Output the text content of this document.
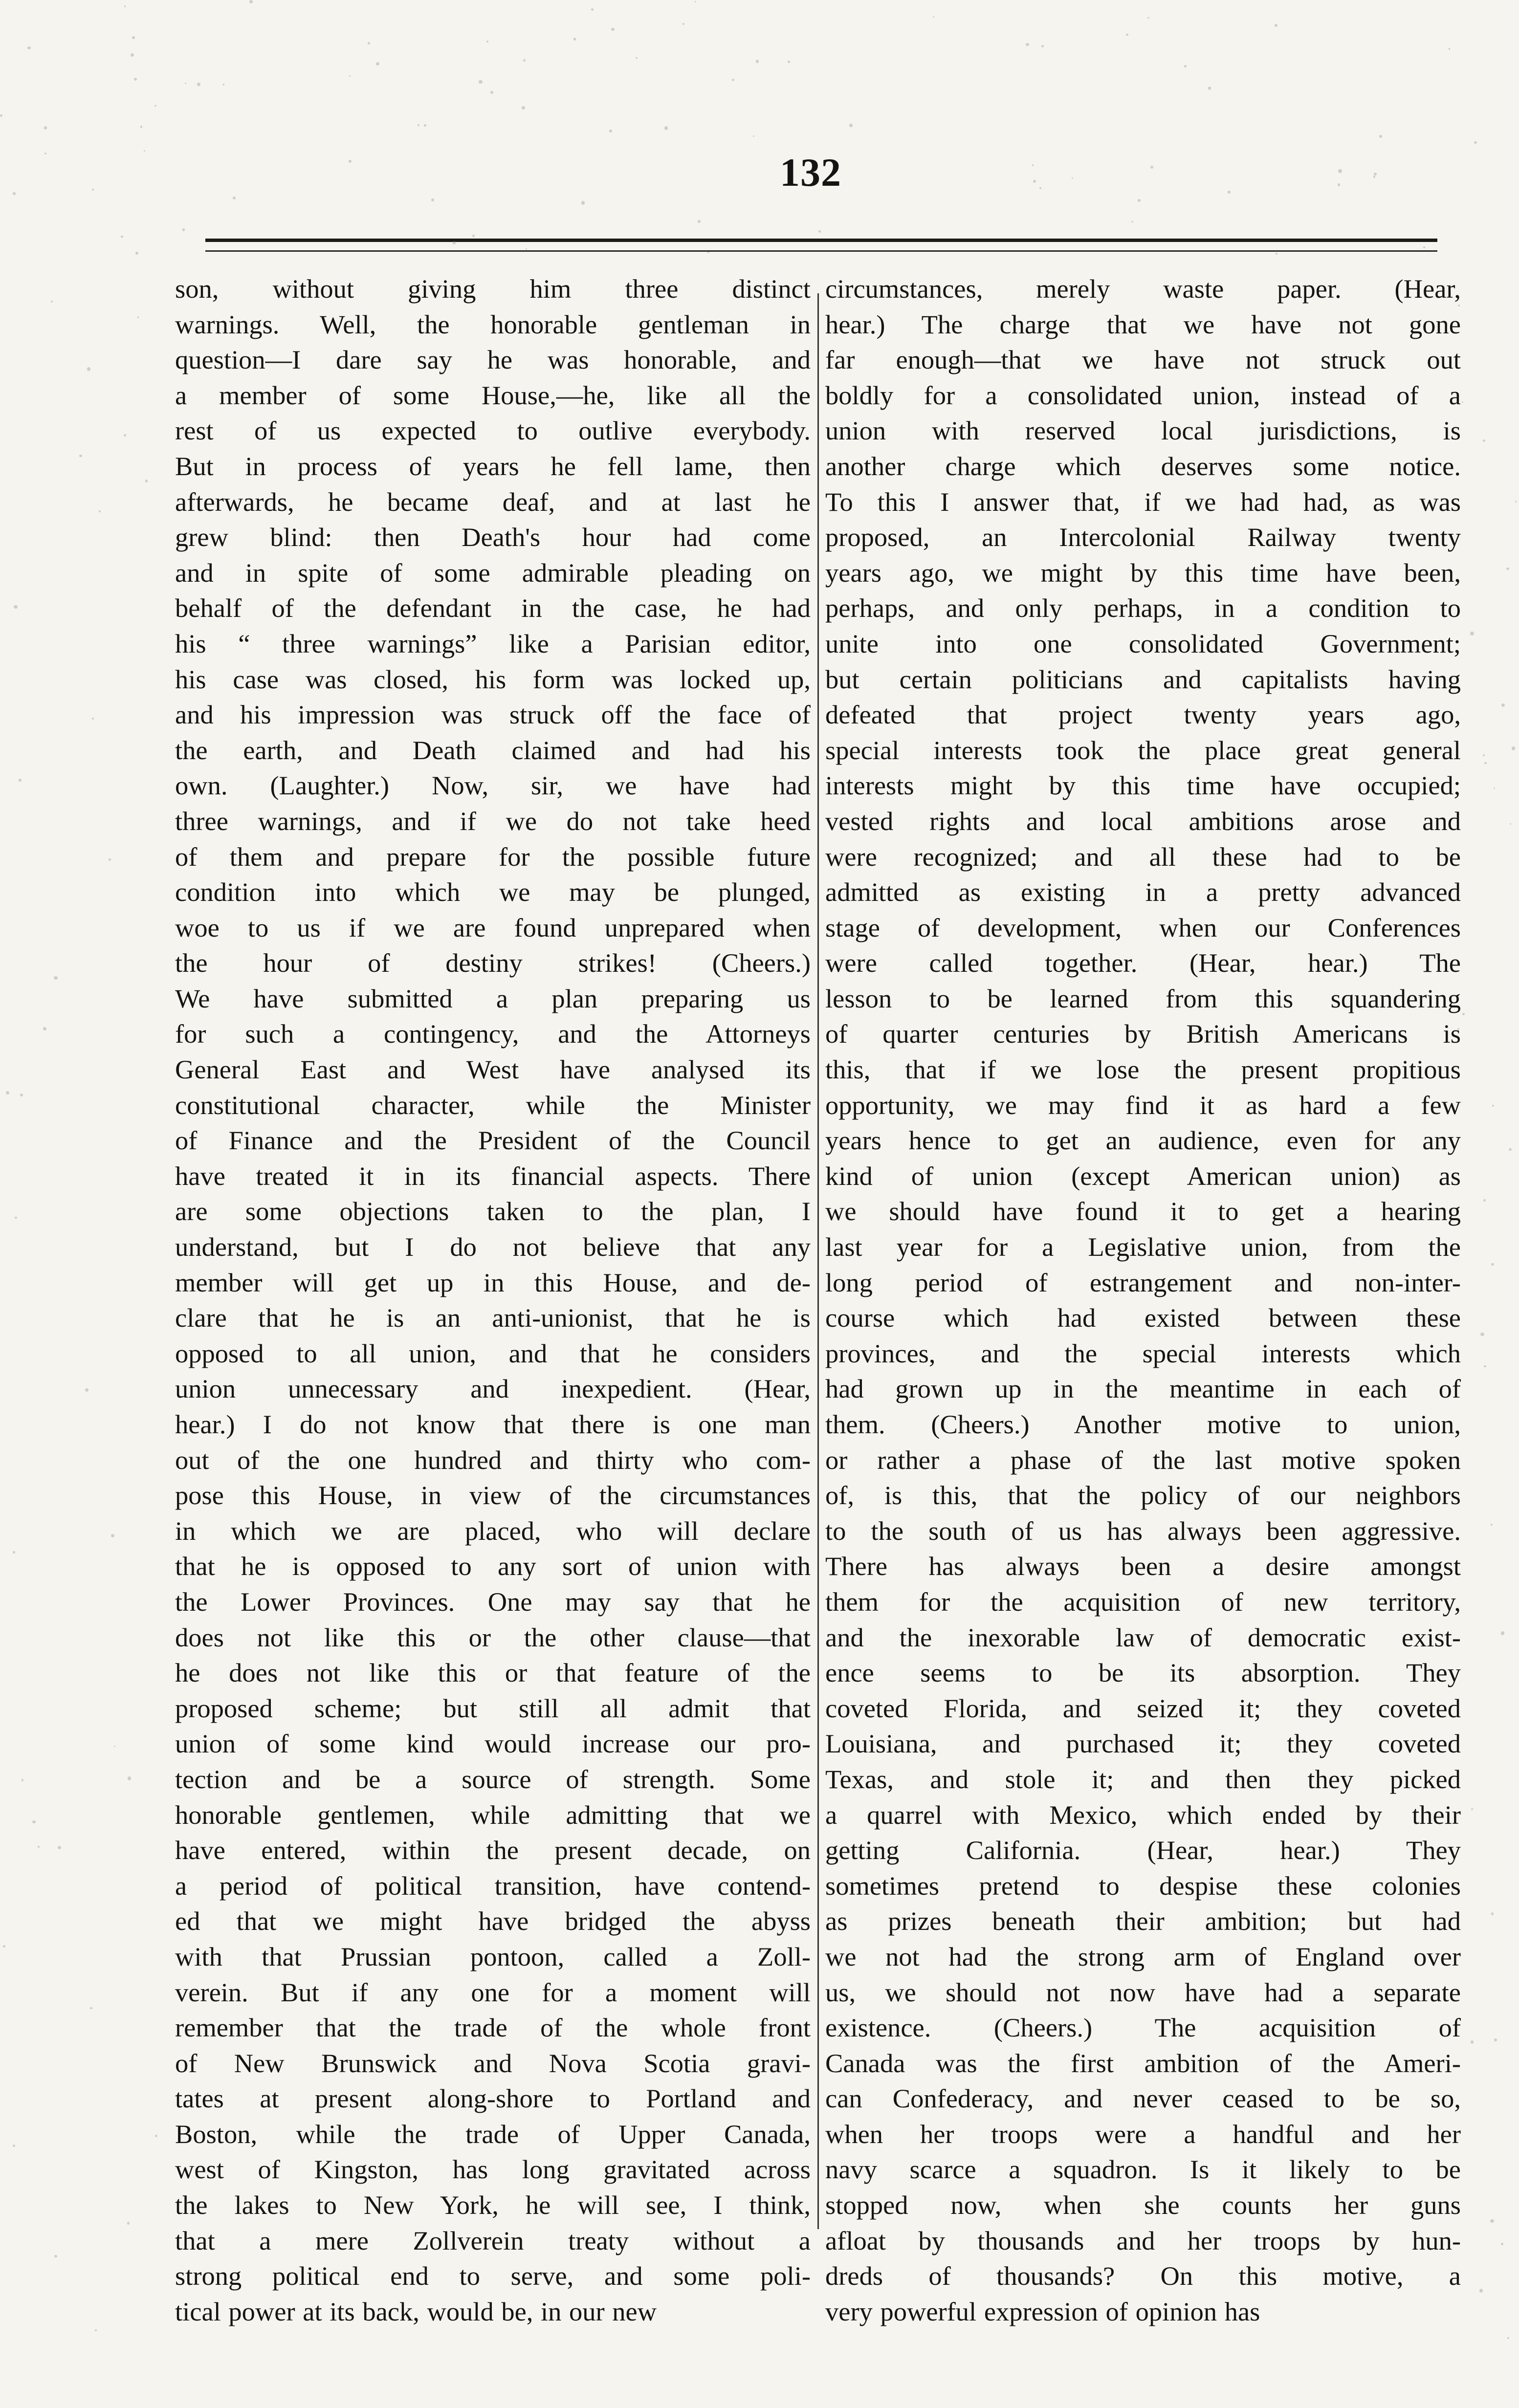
132
son, without giving him three distinct
warnings. Well, the honorable gentleman in
question—I dare say he was honorable, and
a member of some House,—he, like all the
rest of us expected to outlive everybody.
But in process of years he fell lame, then
afterwards, he became deaf, and at last he
grew blind: then Death's hour had come
and in spite of some admirable pleading on
behalf of the defendant in the case, he had
his “ three warnings” like a Parisian editor,
his case was closed, his form was locked up,
and his impression was struck off the face of
the earth, and Death claimed and had his
own. (Laughter.) Now, sir, we have had
three warnings, and if we do not take heed
of them and prepare for the possible future
condition into which we may be plunged,
woe to us if we are found unprepared when
the hour of destiny strikes! (Cheers.)
We have submitted a plan preparing us
for such a contingency, and the Attorneys
General East and West have analysed its
constitutional character, while the Minister
of Finance and the President of the Council
have treated it in its financial aspects. There
are some objections taken to the plan, I
understand, but I do not believe that any
member will get up in this House, and de-
clare that he is an anti-unionist, that he is
opposed to all union, and that he considers
union unnecessary and inexpedient. (Hear,
hear.) I do not know that there is one man
out of the one hundred and thirty who com-
pose this House, in view of the circumstances
in which we are placed, who will declare
that he is opposed to any sort of union with
the Lower Provinces. One may say that he
does not like this or the other clause—that
he does not like this or that feature of the
proposed scheme; but still all admit that
union of some kind would increase our pro-
tection and be a source of strength. Some
honorable gentlemen, while admitting that we
have entered, within the present decade, on
a period of political transition, have contend-
ed that we might have bridged the abyss
with that Prussian pontoon, called a Zoll-
verein. But if any one for a moment will
remember that the trade of the whole front
of New Brunswick and Nova Scotia gravi-
tates at present along-shore to Portland and
Boston, while the trade of Upper Canada,
west of Kingston, has long gravitated across
the lakes to New York, he will see, I think,
that a mere Zollverein treaty without a
strong political end to serve, and some poli-
tical power at its back, would be, in our new
circumstances, merely waste paper. (Hear,
hear.) The charge that we have not gone
far enough—that we have not struck out
boldly for a consolidated union, instead of a
union with reserved local jurisdictions, is
another charge which deserves some notice.
To this I answer that, if we had had, as was
proposed, an Intercolonial Railway twenty
years ago, we might by this time have been,
perhaps, and only perhaps, in a condition to
unite into one consolidated Government;
but certain politicians and capitalists having
defeated that project twenty years ago,
special interests took the place great general
interests might by this time have occupied;
vested rights and local ambitions arose and
were recognized; and all these had to be
admitted as existing in a pretty advanced
stage of development, when our Conferences
were called together. (Hear, hear.) The
lesson to be learned from this squandering
of quarter centuries by British Americans is
this, that if we lose the present propitious
opportunity, we may find it as hard a few
years hence to get an audience, even for any
kind of union (except American union) as
we should have found it to get a hearing
last year for a Legislative union, from the
long period of estrangement and non-inter-
course which had existed between these
provinces, and the special interests which
had grown up in the meantime in each of
them. (Cheers.) Another motive to union,
or rather a phase of the last motive spoken
of, is this, that the policy of our neighbors
to the south of us has always been aggressive.
There has always been a desire amongst
them for the acquisition of new territory,
and the inexorable law of democratic exist-
ence seems to be its absorption. They
coveted Florida, and seized it; they coveted
Louisiana, and purchased it; they coveted
Texas, and stole it; and then they picked
a quarrel with Mexico, which ended by their
getting California. (Hear, hear.) They
sometimes pretend to despise these colonies
as prizes beneath their ambition; but had
we not had the strong arm of England over
us, we should not now have had a separate
existence. (Cheers.) The acquisition of
Canada was the first ambition of the Ameri-
can Confederacy, and never ceased to be so,
when her troops were a handful and her
navy scarce a squadron. Is it likely to be
stopped now, when she counts her guns
afloat by thousands and her troops by hun-
dreds of thousands? On this motive, a
very powerful expression of opinion has
